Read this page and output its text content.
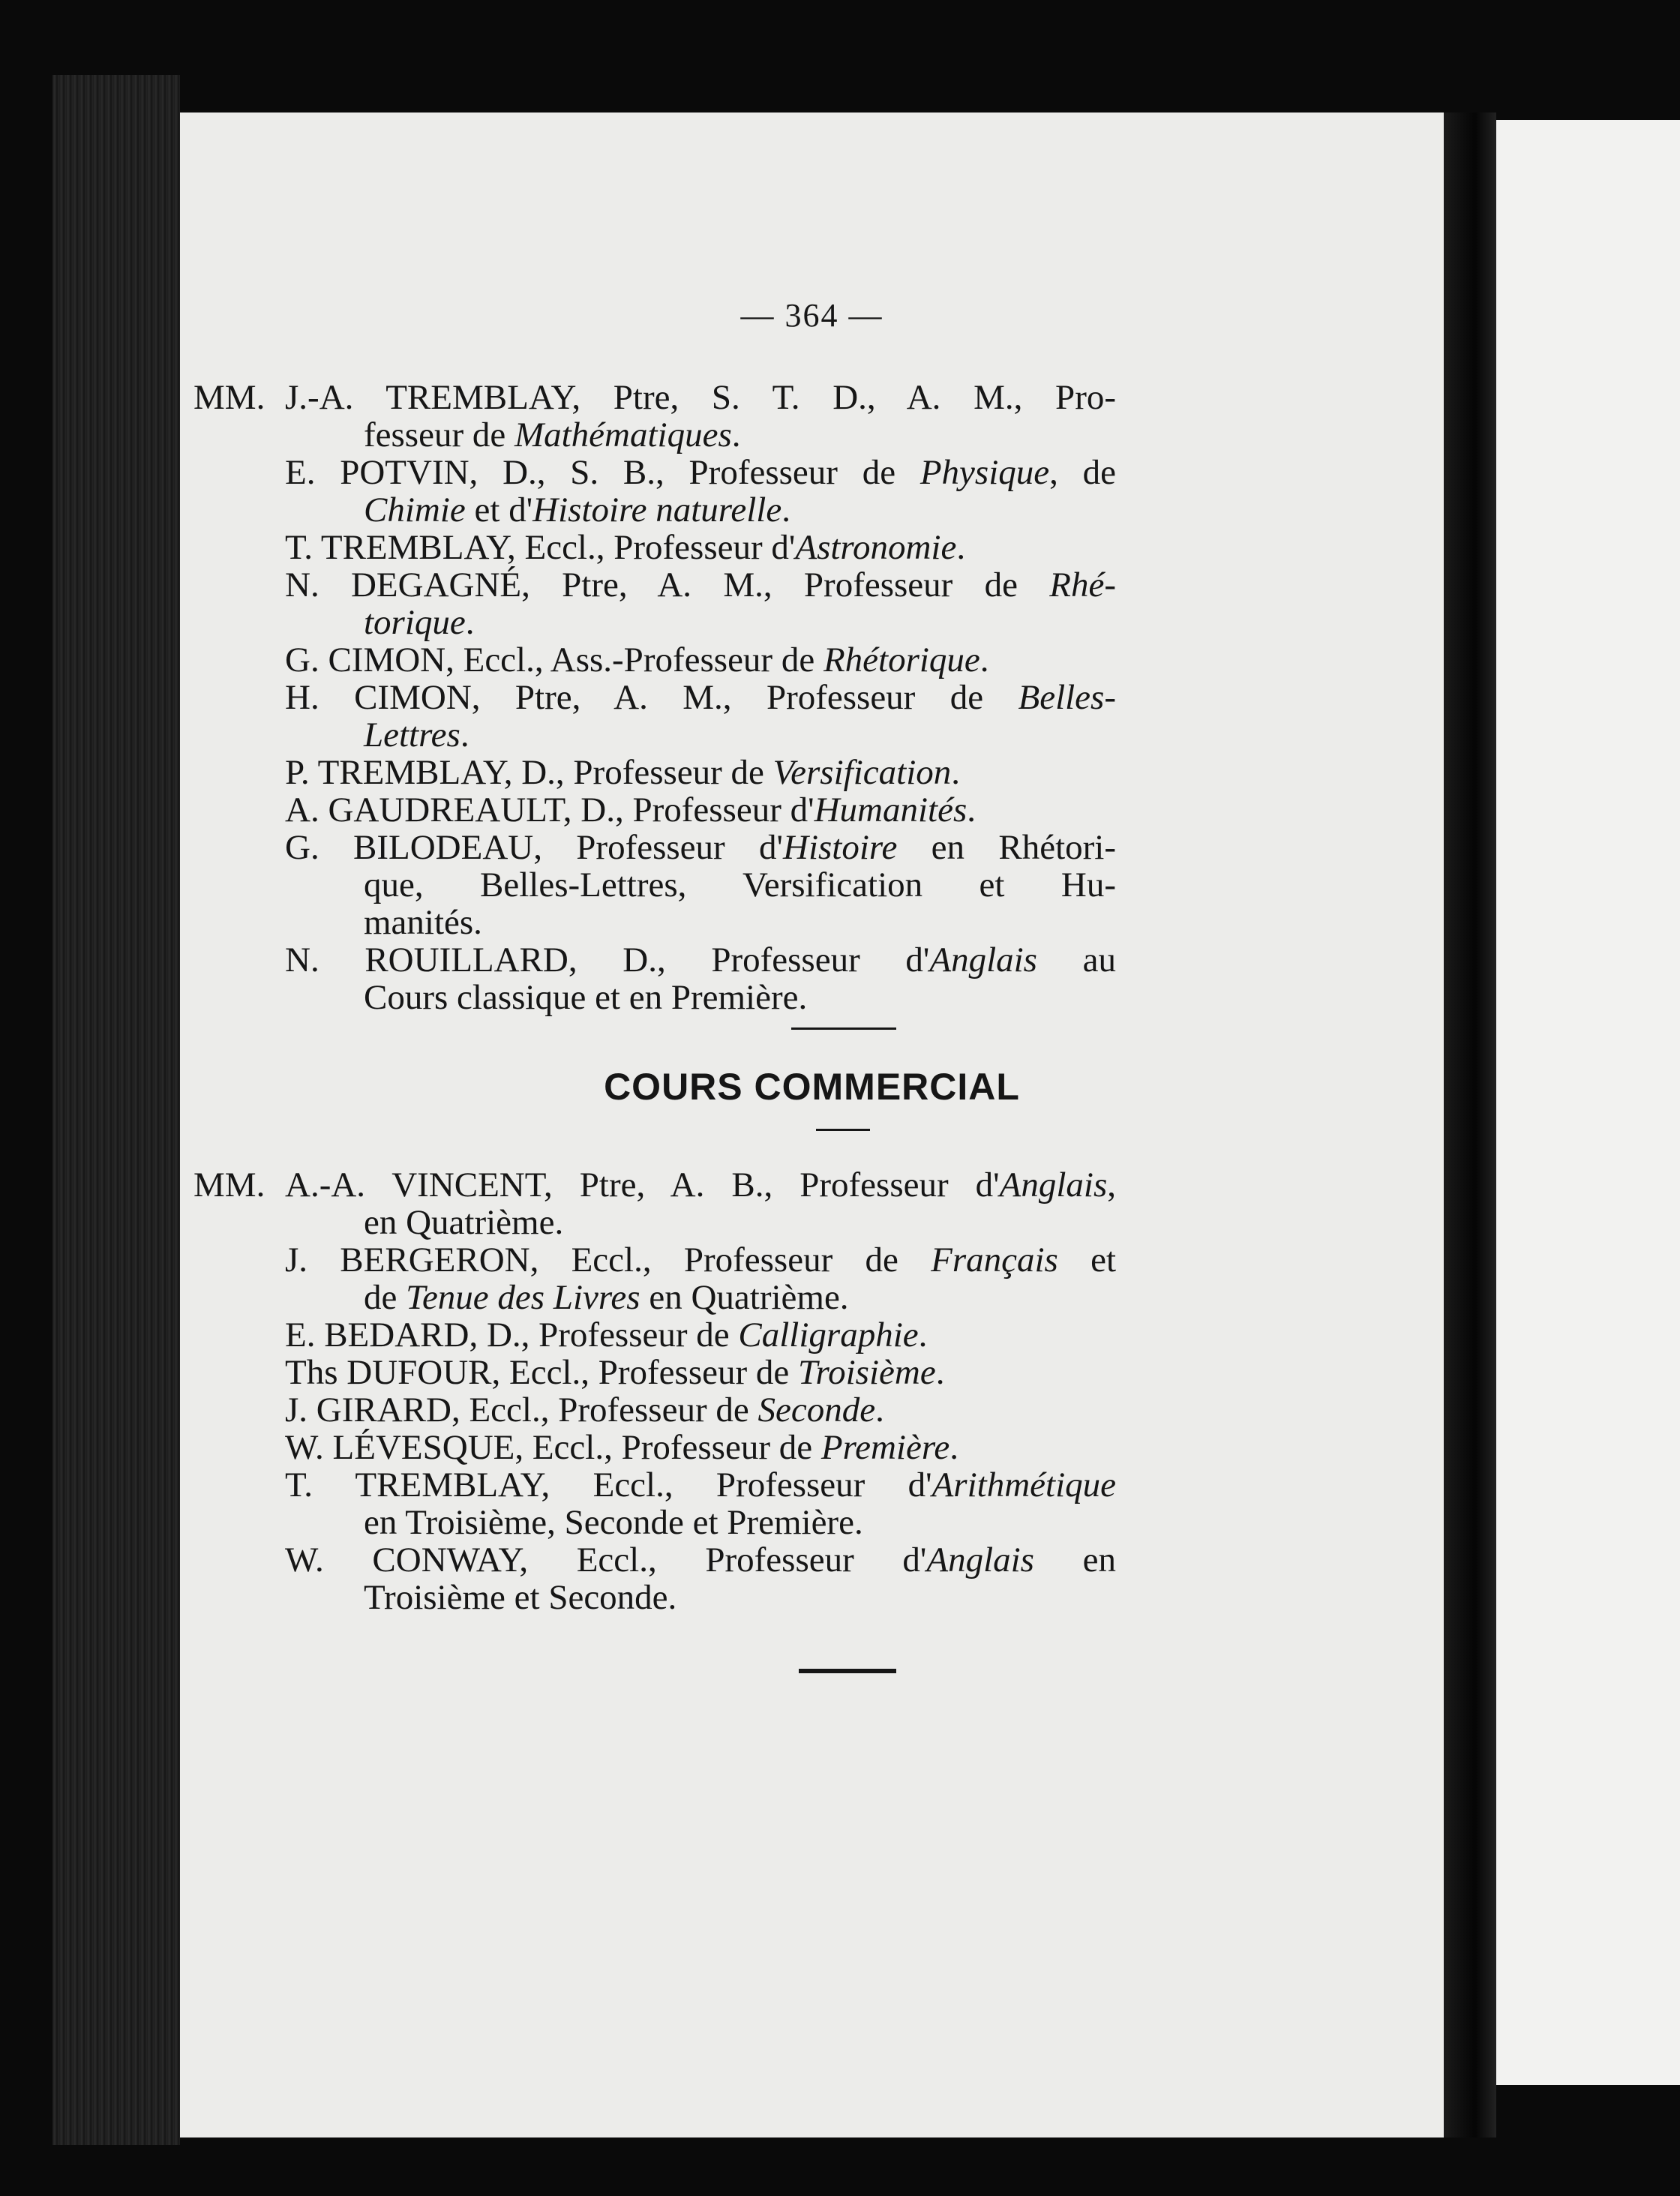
— 364 —
MM. J.-A. TREMBLAY, Ptre, S. T. D., A. M., Pro-
fesseur de Mathématiques.
E. POTVIN, D., S. B., Professeur de Physique, de
Chimie et d'Histoire naturelle.
T. TREMBLAY, Eccl., Professeur d'Astronomie.
N. DEGAGNÉ, Ptre, A. M., Professeur de Rhé-
torique.
G. CIMON, Eccl., Ass.-Professeur de Rhétorique.
H. CIMON, Ptre, A. M., Professeur de Belles-
Lettres.
P. TREMBLAY, D., Professeur de Versification.
A. GAUDREAULT, D., Professeur d'Humanités.
G. BILODEAU, Professeur d'Histoire en Rhétori-
que, Belles-Lettres, Versification et Hu-
manités.
N. ROUILLARD, D., Professeur d'Anglais au
Cours classique et en Première.
COURS COMMERCIAL
MM. A.-A. VINCENT, Ptre, A. B., Professeur d'Anglais,
en Quatrième.
J. BERGERON, Eccl., Professeur de Français et
de Tenue des Livres en Quatrième.
E. BEDARD, D., Professeur de Calligraphie.
Ths DUFOUR, Eccl., Professeur de Troisième.
J. GIRARD, Eccl., Professeur de Seconde.
W. LÉVESQUE, Eccl., Professeur de Première.
T. TREMBLAY, Eccl., Professeur d'Arithmétique
en Troisième, Seconde et Première.
W. CONWAY, Eccl., Professeur d'Anglais en
Troisième et Seconde.
